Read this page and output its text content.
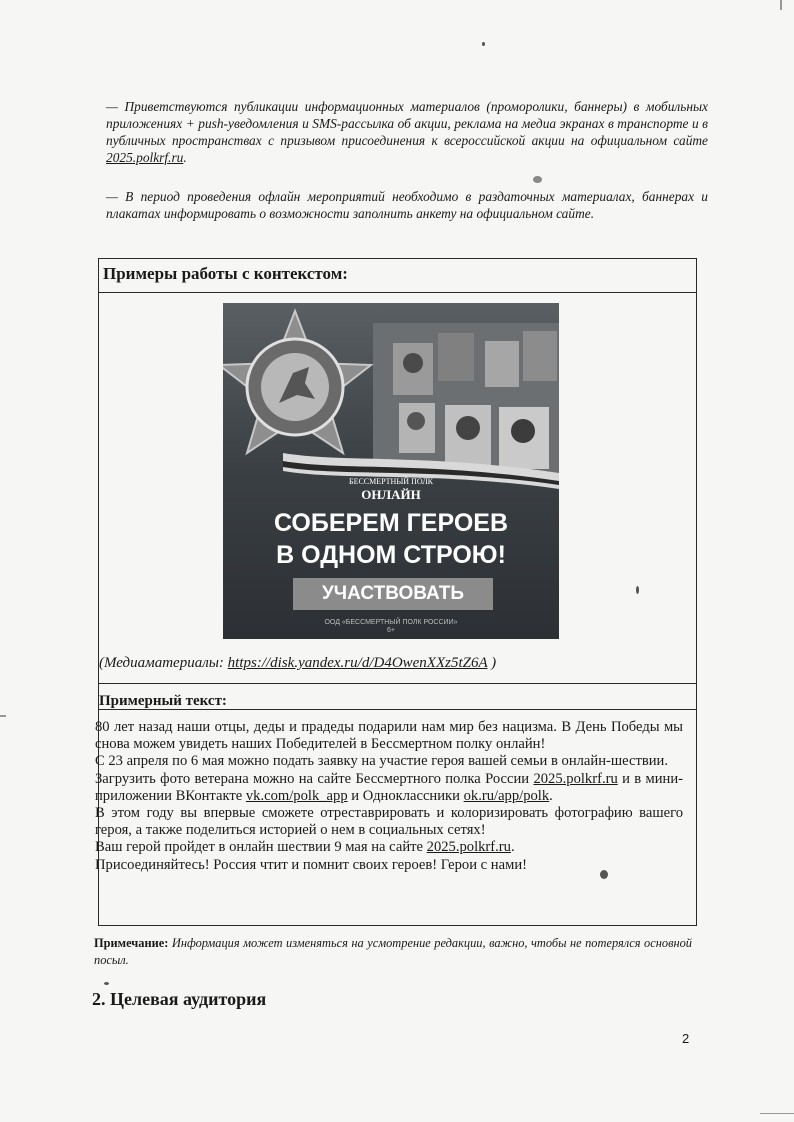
— Приветствуются публикации информационных материалов (проморолики, баннеры) в мобильных приложениях + push-уведомления и SMS-рассылка об акции, реклама на медиа экранах в транспорте и в публичных пространствах с призывом присоединения к всероссийской акции на официальном сайте 2025.polkrf.ru.
— В период проведения офлайн мероприятий необходимо в раздаточных материалах, баннерах и плакатах информировать о возможности заполнить анкету на официальном сайте.
Примеры работы с контекстом:
БЕССМЕРТНЫЙ ПОЛК
ОНЛАЙН
СОБЕРЕМ ГЕРОЕВ
В ОДНОМ СТРОЮ!
УЧАСТВОВАТЬ
ООД «БЕССМЕРТНЫЙ ПОЛК РОССИИ»
6+
(Медиаматериалы: https://disk.yandex.ru/d/D4OwenXXz5tZ6A )
Примерный текст:

80 лет назад наши отцы, деды и прадеды подарили нам мир без нацизма. В День Победы мы снова можем увидеть наших Победителей в Бессмертном полку онлайн!

С 23 апреля по 6 мая можно подать заявку на участие героя вашей семьи в онлайн-шествии.

Загрузить фото ветерана можно на сайте Бессмертного полка России 2025.polkrf.ru и в мини-приложении ВКонтакте vk.com/polk_app и Одноклассники ok.ru/app/polk.

В этом году вы впервые сможете отреставрировать и колоризировать фотографию вашего героя, а также поделиться историей о нем в социальных сетях!

Ваш герой пройдет в онлайн шествии 9 мая на сайте 2025.polkrf.ru.

Присоединяйтесь! Россия чтит и помнит своих героев! Герои с нами!

Примечание: Информация может изменяться на усмотрение редакции, важно, чтобы не потерялся основной посыл.
2. Целевая аудитория
2
